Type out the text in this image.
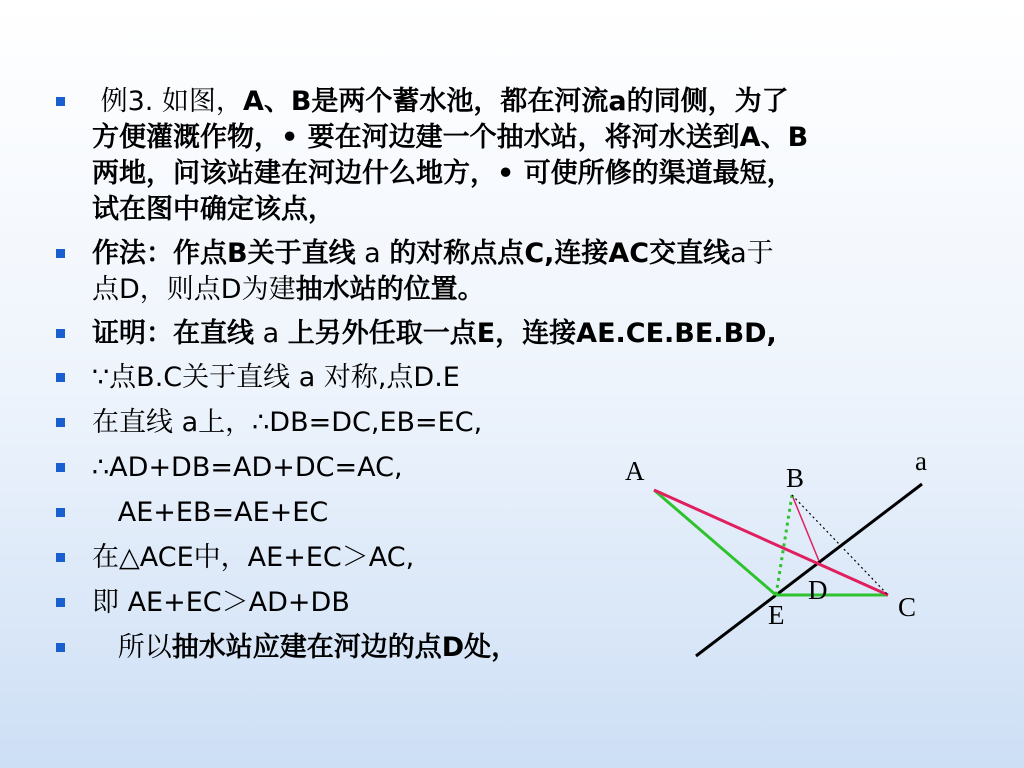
例3. 如图，A、B是两个蓄水池，都在河流a的同侧，为了
方便灌溉作物，• 要在河边建一个抽水站，将河水送到A、B
两地，问该站建在河边什么地方，• 可使所修的渠道最短，
试在图中确定该点，
作法：作点B关于直线 a 的对称点点C,连接AC交直线a于
点D，则点D为建抽水站的位置。
证明：在直线 a 上另外任取一点E，连接AE.CE.BE.BD,
∵点B.C关于直线 a 对称,点D.E
在直线 a上，∴DB=DC,EB=EC,
∴AD+DB=AD+DC=AC,
AE+EB=AE+EC
在△ACE中，AE+EC＞AC,
即 AE+EC＞AD+DB
所以抽水站应建在河边的点D处，
A	B
D
E	C
a
